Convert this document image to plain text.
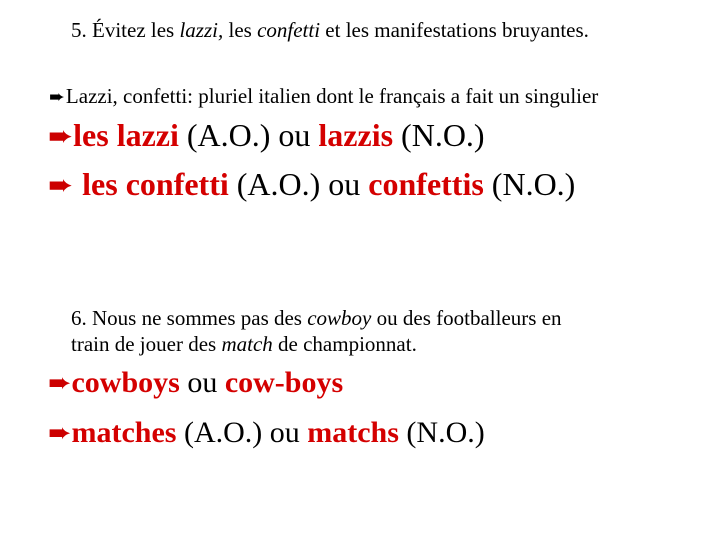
5. Évitez les lazzi, les confetti et les manifestations bruyantes.
➨Lazzi, confetti: pluriel italien dont le français a fait un singulier
➨les lazzi (A.O.) ou lazzis (N.O.)
➨ les confetti (A.O.) ou confettis (N.O.)
6. Nous ne sommes pas des cowboy ou des footballeurs en
train de jouer des match de championnat.
➨cowboys ou cow-boys
➨matches (A.O.) ou matchs (N.O.)
